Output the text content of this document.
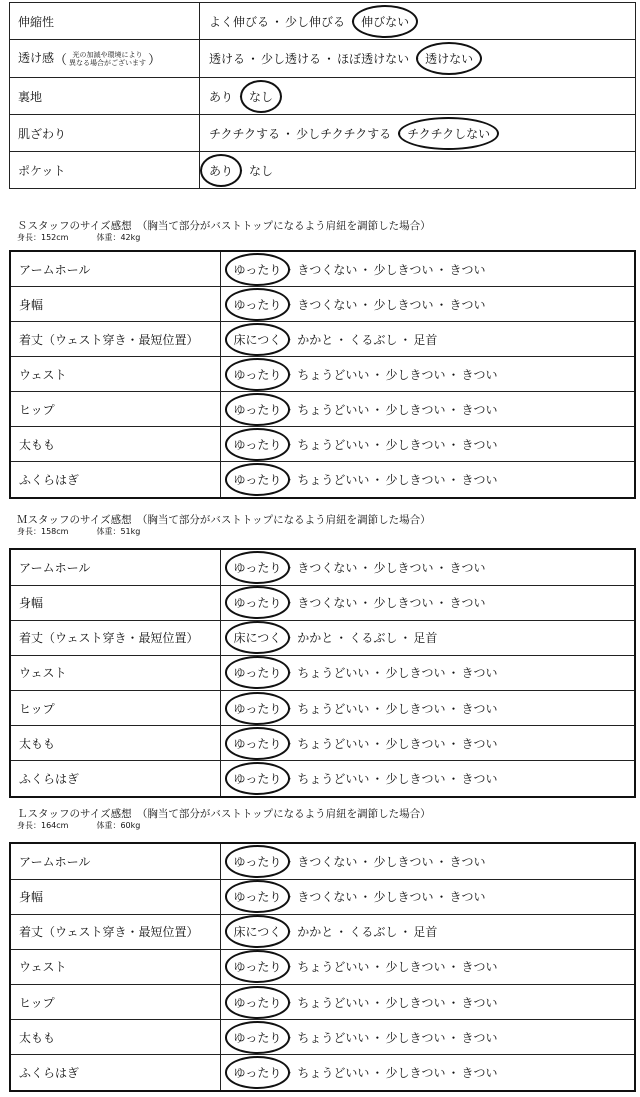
伸縮性	よく伸びる ・ 少し伸びる ・ 伸びない
透け感（ 光の加減や環境により
異なる場合がございます ）	透ける ・ 少し透ける ・ ほぼ透けない ・ 透けない
裏地	あり ・ なし
肌ざわり	チクチクする ・ 少しチクチクする ・ チクチクしない
ポケット	あり ・ なし
Ｓスタッフのサイズ感想　（胸当て部分がバストトップになるよう肩紐を調節した場合）
身長：152cm	体重：42kg
アームホール	ゆったり ・ きつくない ・ 少しきつい ・ きつい
身幅	ゆったり ・ きつくない ・ 少しきつい ・ きつい
着丈（ウェスト穿き・最短位置）	床につく ・ かかと ・ くるぶし ・ 足首
ウェスト	ゆったり ・ ちょうどいい ・ 少しきつい ・ きつい
ヒップ	ゆったり ・ ちょうどいい ・ 少しきつい ・ きつい
太もも	ゆったり ・ ちょうどいい ・ 少しきつい ・ きつい
ふくらはぎ	ゆったり ・ ちょうどいい ・ 少しきつい ・ きつい
Ｍスタッフのサイズ感想　（胸当て部分がバストトップになるよう肩紐を調節した場合）
身長：158cm	体重：51kg
アームホール	ゆったり ・ きつくない ・ 少しきつい ・ きつい
身幅	ゆったり ・ きつくない ・ 少しきつい ・ きつい
着丈（ウェスト穿き・最短位置）	床につく ・ かかと ・ くるぶし ・ 足首
ウェスト	ゆったり ・ ちょうどいい ・ 少しきつい ・ きつい
ヒップ	ゆったり ・ ちょうどいい ・ 少しきつい ・ きつい
太もも	ゆったり ・ ちょうどいい ・ 少しきつい ・ きつい
ふくらはぎ	ゆったり ・ ちょうどいい ・ 少しきつい ・ きつい
Ｌスタッフのサイズ感想　（胸当て部分がバストトップになるよう肩紐を調節した場合）
身長：164cm	体重：60kg
アームホール	ゆったり ・ きつくない ・ 少しきつい ・ きつい
身幅	ゆったり ・ きつくない ・ 少しきつい ・ きつい
着丈（ウェスト穿き・最短位置）	床につく ・ かかと ・ くるぶし ・ 足首
ウェスト	ゆったり ・ ちょうどいい ・ 少しきつい ・ きつい
ヒップ	ゆったり ・ ちょうどいい ・ 少しきつい ・ きつい
太もも	ゆったり ・ ちょうどいい ・ 少しきつい ・ きつい
ふくらはぎ	ゆったり ・ ちょうどいい ・ 少しきつい ・ きつい
